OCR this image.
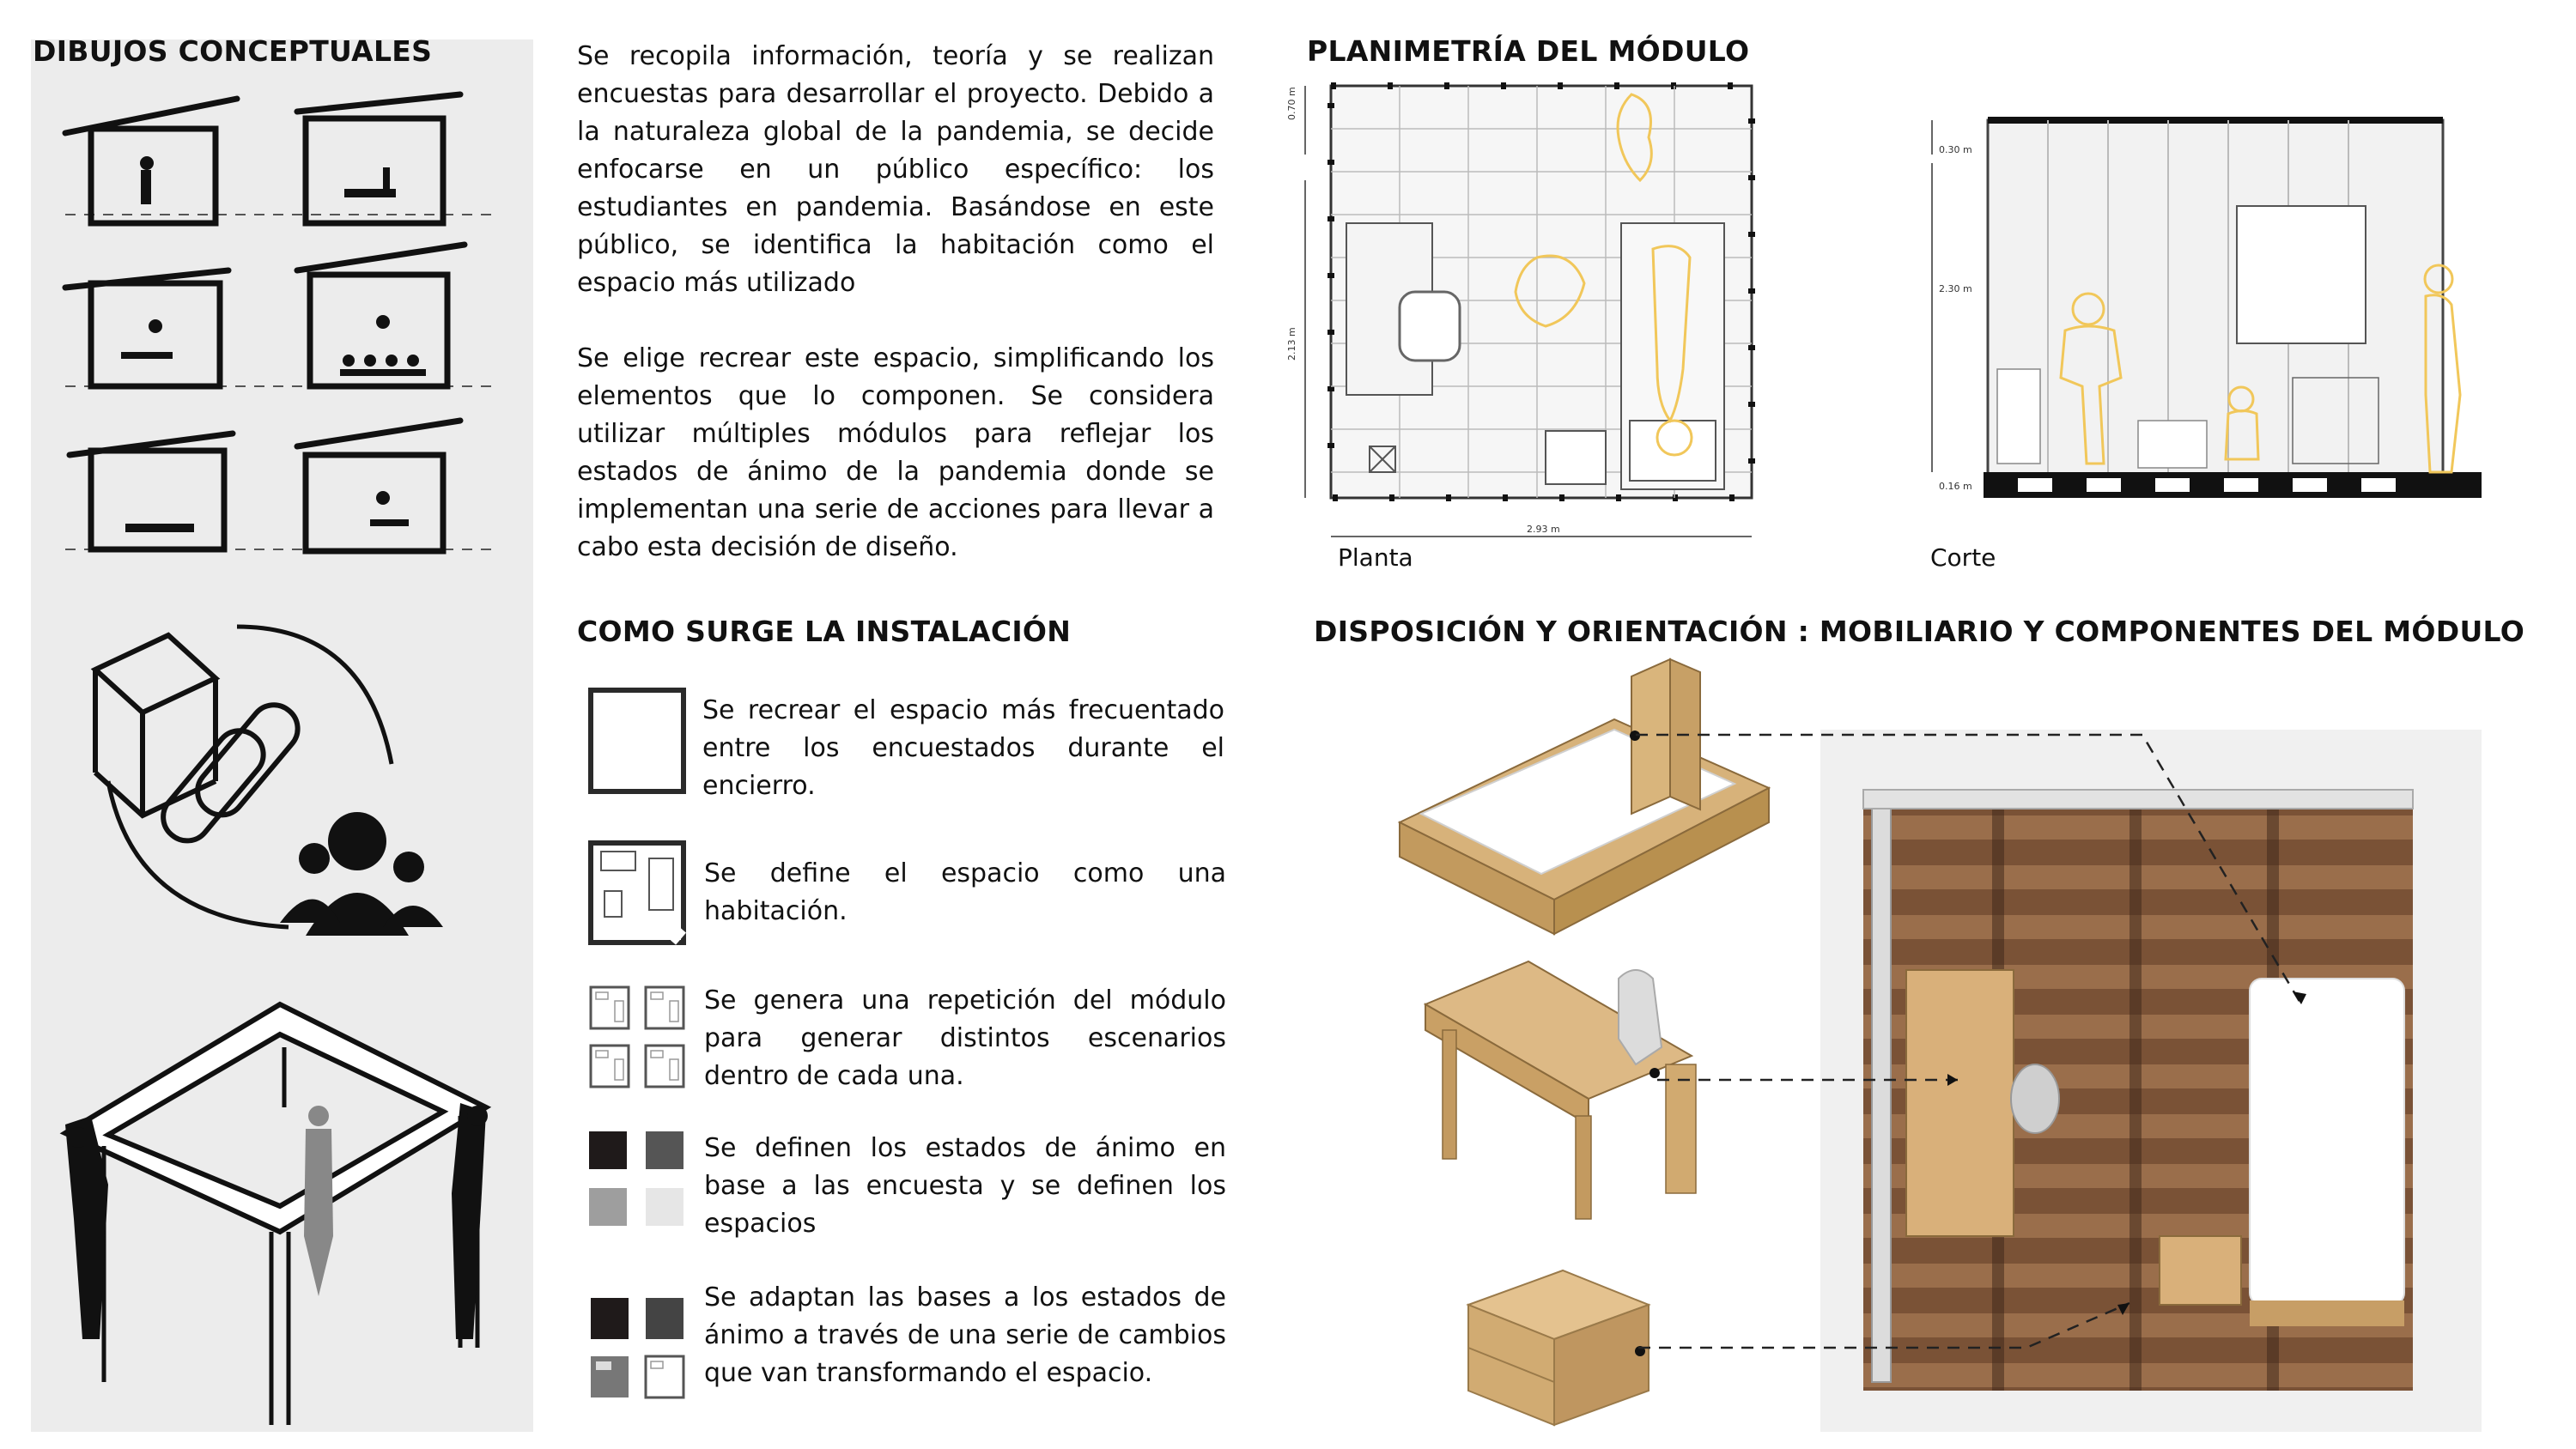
DIBUJOS CONCEPTUALES	Se recopila información, teoría y se realizan encuestas para desarrollar el proyecto. Debido a la naturaleza global de la pandemia, se decide enfocarse en un público específico: los estudiantes en pandemia. Basándose en este público, se identifica la habitación como el espacio más utilizado

Se elige recrear este espacio, simplificando los elementos que lo componen. Se considera utilizar múltiples módulos para reflejar los estados de ánimo de la pandemia donde se implementan una serie de acciones para llevar a cabo esta decisión de diseño.

COMO SURGE LA INSTALACIÓN
Se recrear el espacio más frecuentado entre los encuestados durante el encierro.
Se define el espacio como una habitación.
Se genera una repetición del módulo para generar distintos escenarios dentro de cada una.
Se definen los estados de ánimo en base a las encuesta y se definen los espacios
Se adaptan las bases a los estados de ánimo a través de una serie de cambios que van transformando el espacio.
PLANIMETRÍA DEL MÓDULO
0.70 m
2.13 m
2.93 m
Planta
0.30 m
2.30 m
0.16 m
Corte
DISPOSICIÓN Y ORIENTACIÓN : MOBILIARIO Y COMPONENTES DEL MÓDULO
